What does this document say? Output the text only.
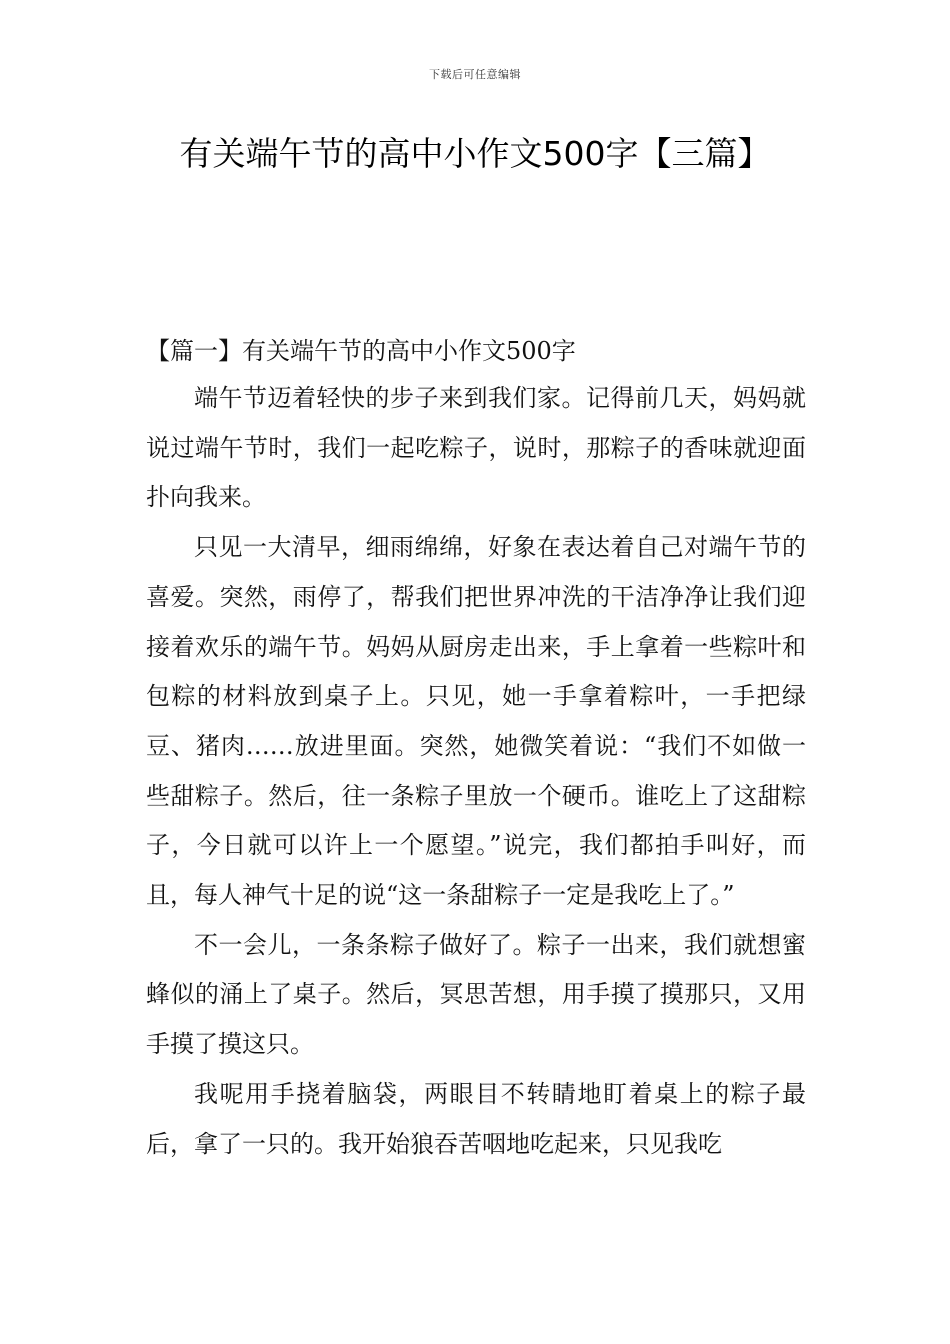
下载后可任意编辑
有关端午节的高中小作文500字【三篇】
【篇一】有关端午节的高中小作文500字

端午节迈着轻快的步子来到我们家。记得前几天，妈妈就说过端午节时，我们一起吃粽子，说时，那粽子的香味就迎面扑向我来。

只见一大清早，细雨绵绵，好象在表达着自己对端午节的喜爱。突然，雨停了，帮我们把世界冲洗的干洁净净让我们迎接着欢乐的端午节。妈妈从厨房走出来，手上拿着一些粽叶和包粽的材料放到桌子上。只见，她一手拿着粽叶，一手把绿豆、猪肉……放进里面。突然，她微笑着说：“我们不如做一些甜粽子。然后，往一条粽子里放一个硬币。谁吃上了这甜粽子，今日就可以许上一个愿望。”说完，我们都拍手叫好，而且，每人神气十足的说“这一条甜粽子一定是我吃上了。”

不一会儿，一条条粽子做好了。粽子一出来，我们就想蜜蜂似的涌上了桌子。然后，冥思苦想，用手摸了摸那只，又用手摸了摸这只。

我呢用手挠着脑袋，两眼目不转睛地盯着桌上的粽子最后，拿了一只的。我开始狼吞苦咽地吃起来，只见我吃
